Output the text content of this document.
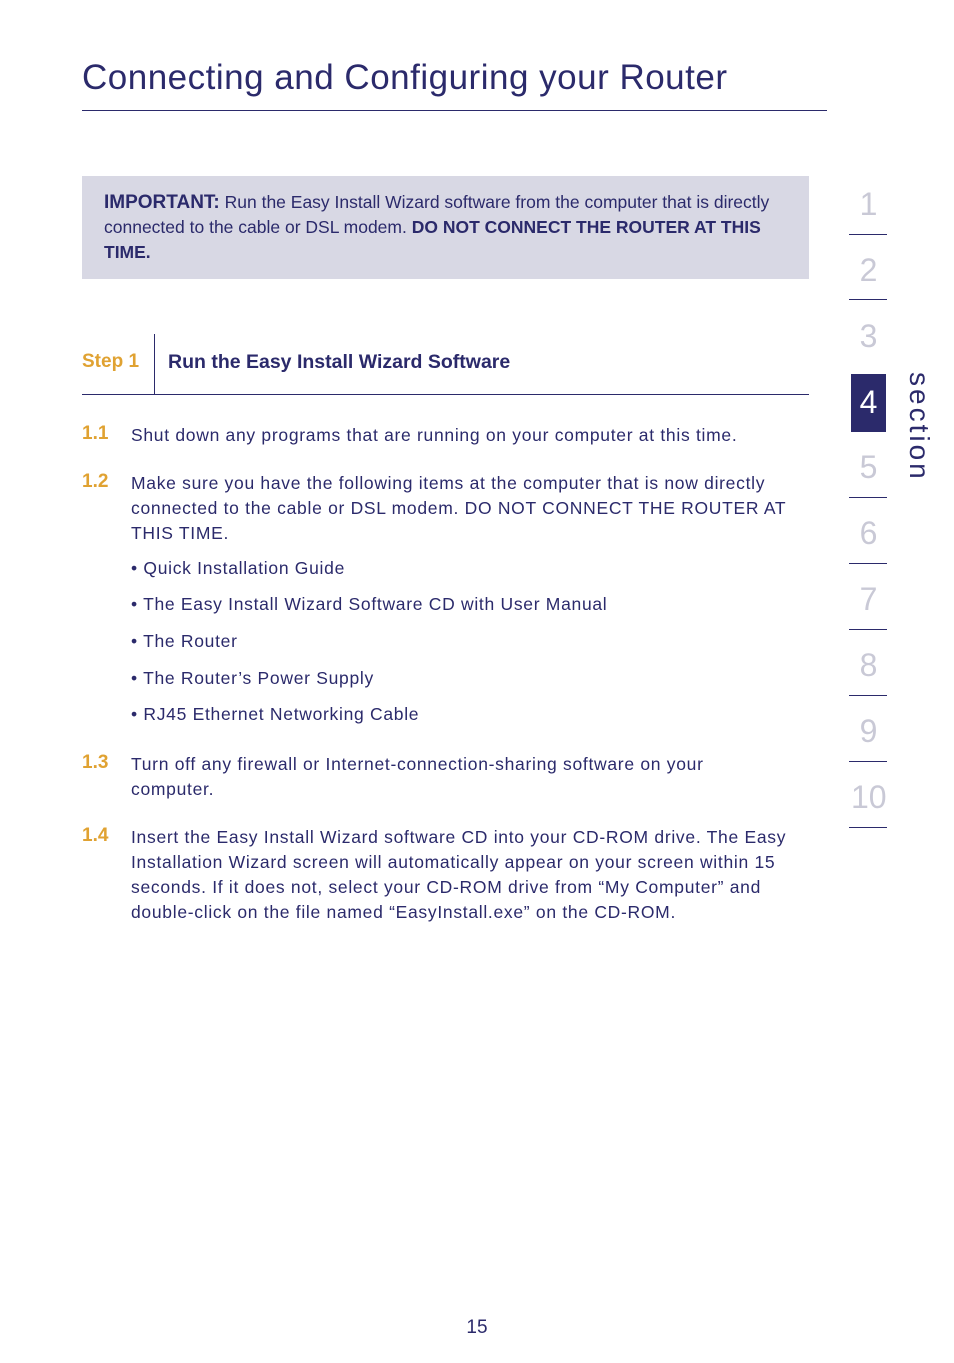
Connecting and Configuring your Router
IMPORTANT: Run the Easy Install Wizard software from the computer that is directly connected to the cable or DSL modem. DO NOT CONNECT THE ROUTER AT THIS TIME.
Step 1 Run the Easy Install Wizard Software
1.1 Shut down any programs that are running on your computer at this time.
1.2 Make sure you have the following items at the computer that is now directly connected to the cable or DSL modem. DO NOT CONNECT THE ROUTER AT THIS TIME.
• Quick Installation Guide
• The Easy Install Wizard Software CD with User Manual
• The Router
• The Router’s Power Supply
• RJ45 Ethernet Networking Cable
1.3 Turn off any firewall or Internet-connection-sharing software on your computer.
1.4 Insert the Easy Install Wizard software CD into your CD-ROM drive. The Easy Installation Wizard screen will automatically appear on your screen within 15 seconds. If it does not, select your CD-ROM drive from “My Computer” and double-click on the file named “EasyInstall.exe” on the CD-ROM.
1
2
3
4
5
6
7
8
9
10
section
15
